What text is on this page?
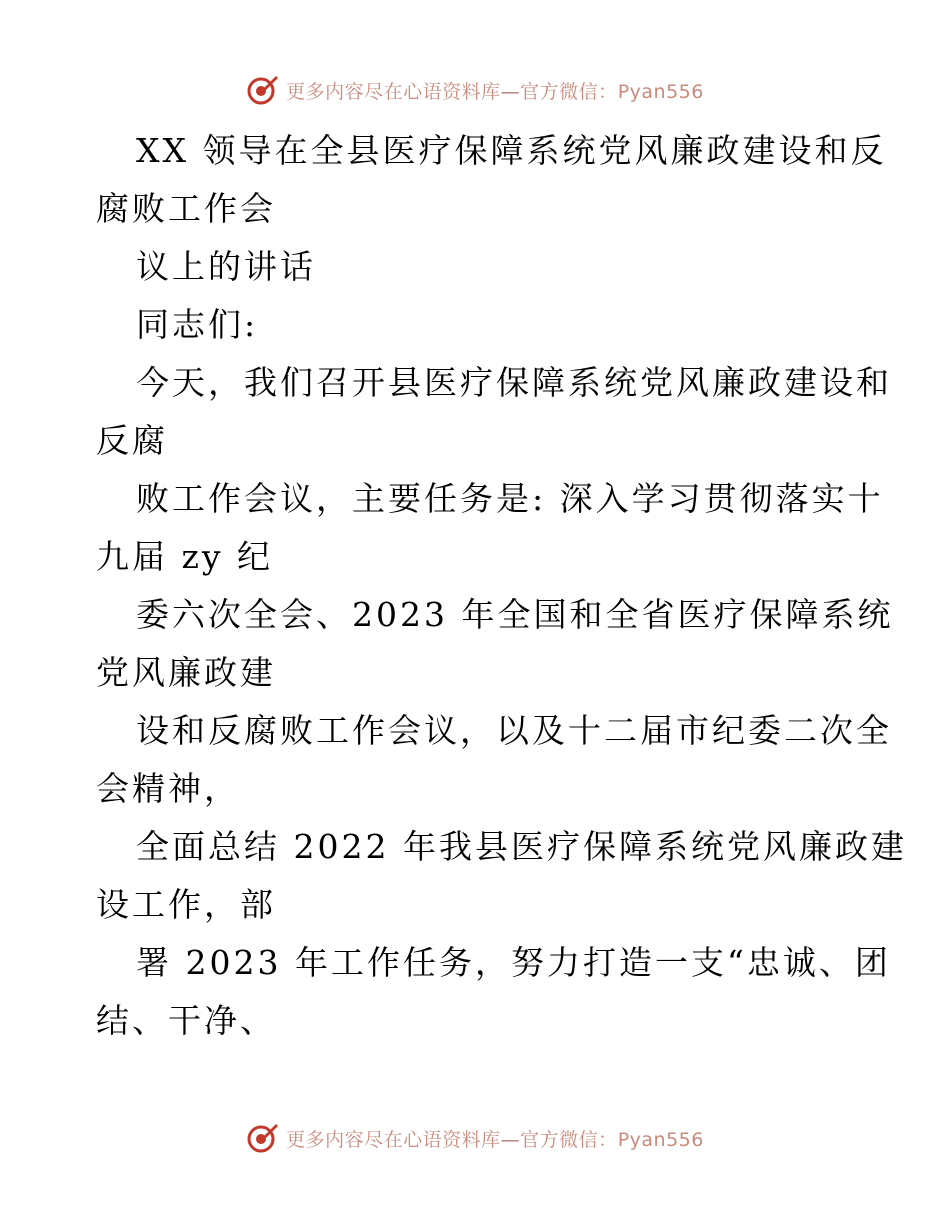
更多内容尽在心语资料库—官方微信：Pyan556
XX 领导在全县医疗保障系统党风廉政建设和反
腐败工作会
议上的讲话
同志们:
今天，我们召开县医疗保障系统党风廉政建设和
反腐
败工作会议，主要任务是: 深入学习贯彻落实十
九届 zy 纪
委六次全会、2023 年全国和全省医疗保障系统
党风廉政建
设和反腐败工作会议，以及十二届市纪委二次全
会精神，
全面总结 2022 年我县医疗保障系统党风廉政建
设工作，部
署 2023 年工作任务，努力打造一支“忠诚、团
结、干净、
更多内容尽在心语资料库—官方微信：Pyan556
